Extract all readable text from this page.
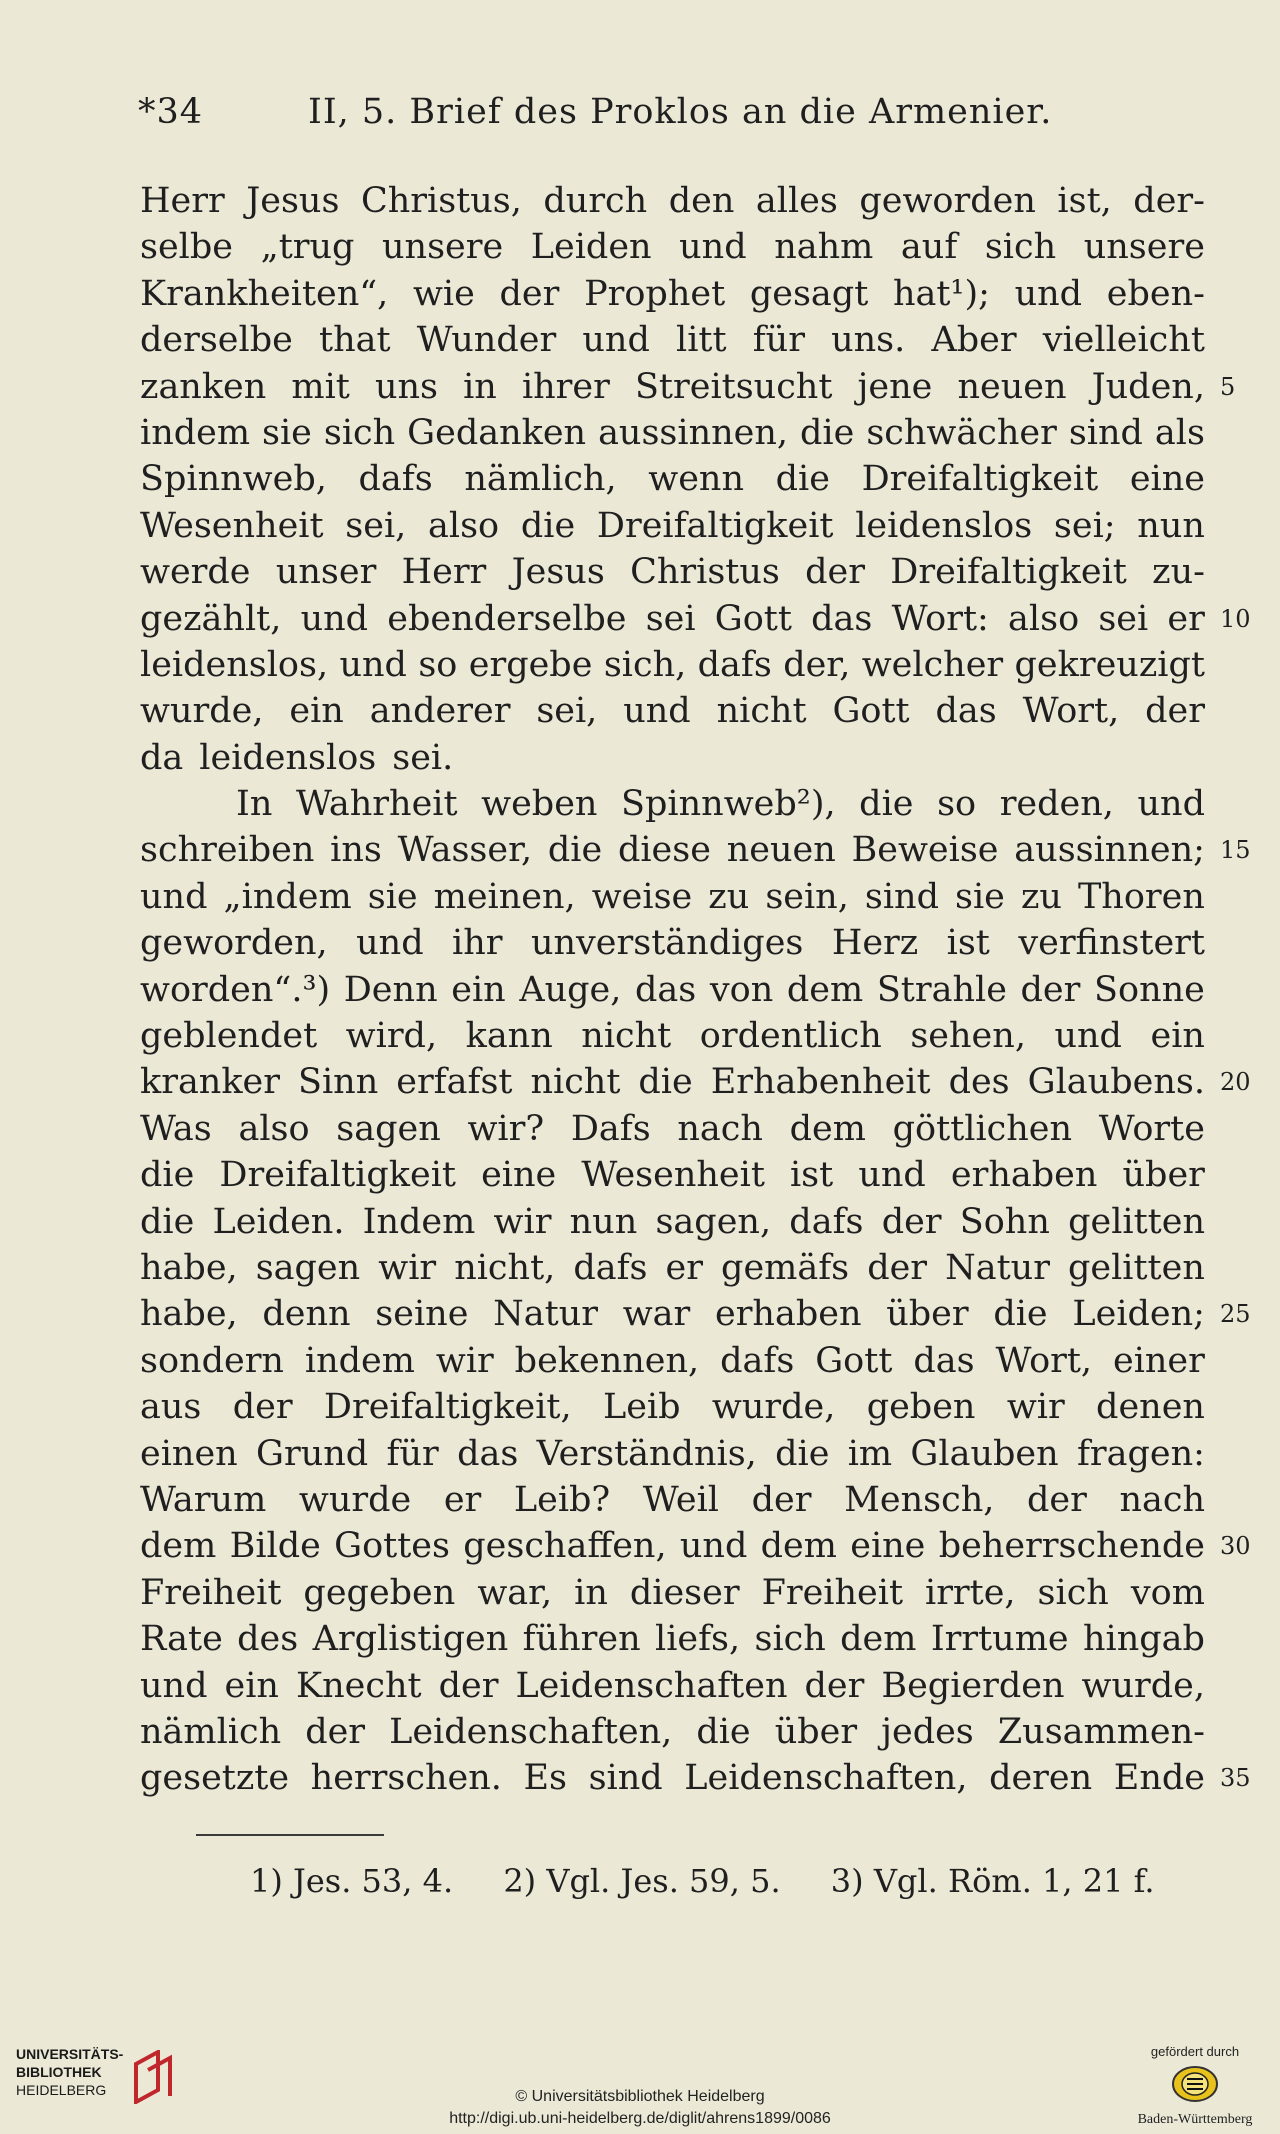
*34	II, 5. Brief des Proklos an die Armenier.
Herr Jesus Christus, durch den alles geworden ist, der-
selbe „trug unsere Leiden und nahm auf sich unsere
Krankheiten“, wie der Prophet gesagt hat¹); und eben-
derselbe that Wunder und litt für uns. Aber vielleicht
zanken mit uns in ihrer Streitsucht jene neuen Juden, 5
indem sie sich Gedanken aussinnen, die schwächer sind als
Spinnweb, dafs nämlich, wenn die Dreifaltigkeit eine
Wesenheit sei, also die Dreifaltigkeit leidenslos sei; nun
werde unser Herr Jesus Christus der Dreifaltigkeit zu-
gezählt, und ebenderselbe sei Gott das Wort: also sei er 10
leidenslos, und so ergebe sich, dafs der, welcher gekreuzigt
wurde, ein anderer sei, und nicht Gott das Wort, der
da leidenslos sei.
In Wahrheit weben Spinnweb²), die so reden, und
schreiben ins Wasser, die diese neuen Beweise aussinnen; 15
und „indem sie meinen, weise zu sein, sind sie zu Thoren
geworden, und ihr unverständiges Herz ist verfinstert
worden“.³) Denn ein Auge, das von dem Strahle der Sonne
geblendet wird, kann nicht ordentlich sehen, und ein
kranker Sinn erfafst nicht die Erhabenheit des Glaubens. 20
Was also sagen wir? Dafs nach dem göttlichen Worte
die Dreifaltigkeit eine Wesenheit ist und erhaben über
die Leiden. Indem wir nun sagen, dafs der Sohn gelitten
habe, sagen wir nicht, dafs er gemäfs der Natur gelitten
habe, denn seine Natur war erhaben über die Leiden; 25
sondern indem wir bekennen, dafs Gott das Wort, einer
aus der Dreifaltigkeit, Leib wurde, geben wir denen
einen Grund für das Verständnis, die im Glauben fragen:
Warum wurde er Leib? Weil der Mensch, der nach
dem Bilde Gottes geschaffen, und dem eine beherrschende 30
Freiheit gegeben war, in dieser Freiheit irrte, sich vom
Rate des Arglistigen führen liefs, sich dem Irrtume hingab
und ein Knecht der Leidenschaften der Begierden wurde,
nämlich der Leidenschaften, die über jedes Zusammen-
gesetzte herrschen. Es sind Leidenschaften, deren Ende 35
1) Jes. 53, 4. 2) Vgl. Jes. 59, 5. 3) Vgl. Röm. 1, 21 f.
UNIVERSITÄTS-
BIBLIOTHEK
HEIDELBERG	© Universitätsbibliothek Heidelberg
http://digi.ub.uni-heidelberg.de/diglit/ahrens1899/0086
gefördert durch
Baden-Württemberg
